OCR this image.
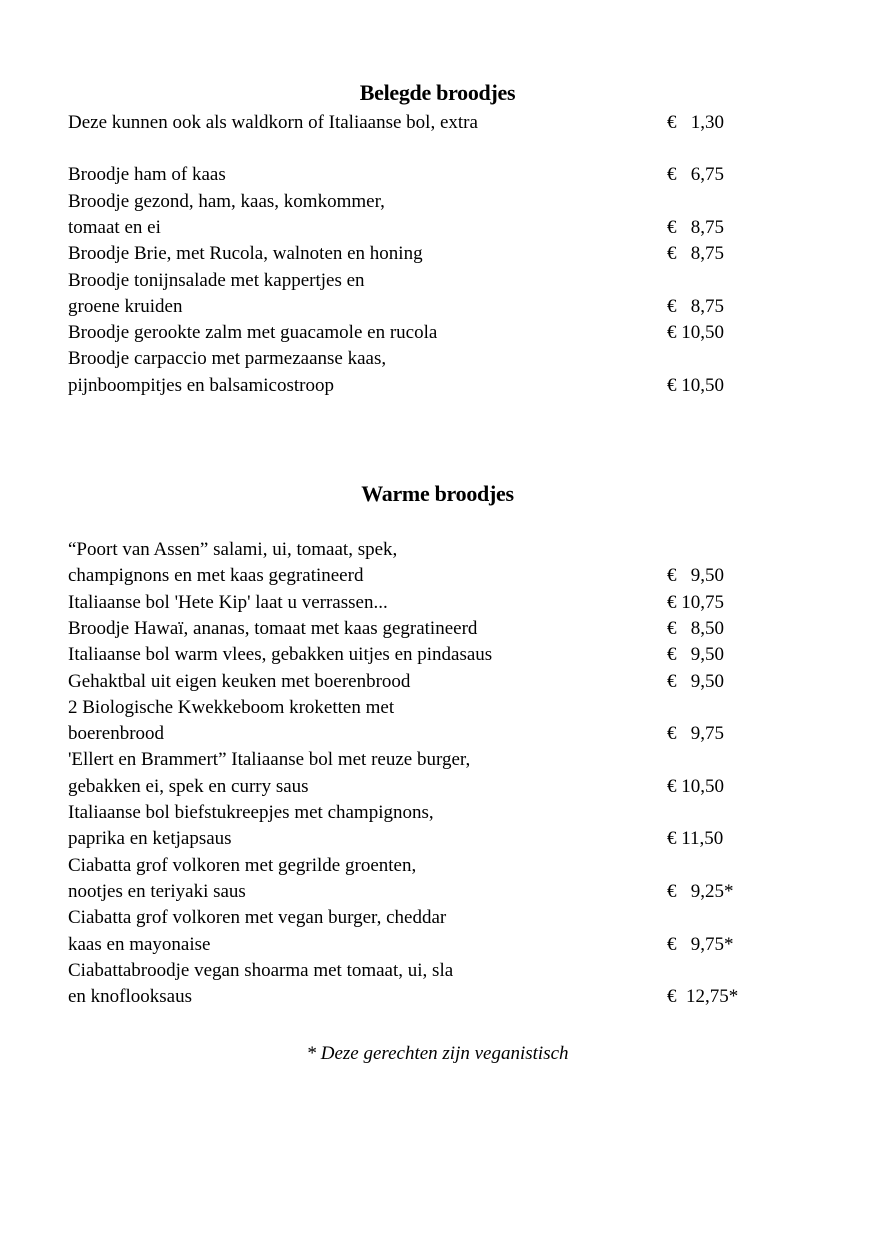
Belegde broodjes
Deze kunnen ook als waldkorn of Italiaanse bol, extra	€   1,30
Broodje ham of kaas	€   6,75
Broodje gezond, ham, kaas, komkommer,
tomaat en ei	€   8,75
Broodje Brie, met Rucola, walnoten en honing	€   8,75
Broodje tonijnsalade met kappertjes en
groene kruiden	€   8,75
Broodje gerookte zalm met guacamole en rucola	€ 10,50
Broodje carpaccio met parmezaanse kaas,
pijnboompitjes en balsamicostroop	€ 10,50
Warme broodjes
“Poort van Assen” salami, ui, tomaat, spek,
champignons en met kaas gegratineerd	€   9,50
Italiaanse bol 'Hete Kip' laat u verrassen...	€ 10,75
Broodje Hawaï, ananas, tomaat met kaas gegratineerd	€   8,50
Italiaanse bol warm vlees, gebakken uitjes en pindasaus	€   9,50
Gehaktbal uit eigen keuken met boerenbrood	€   9,50
2 Biologische Kwekkeboom kroketten met
boerenbrood	€   9,75
'Ellert en Brammert” Italiaanse bol met reuze burger,
gebakken ei, spek en curry saus	€ 10,50
Italiaanse bol biefstukreepjes met champignons,
paprika en ketjapsaus	€ 11,50
Ciabatta grof volkoren met gegrilde groenten,
nootjes en teriyaki saus	€   9,25*
Ciabatta grof volkoren met vegan burger, cheddar
kaas en mayonaise	€   9,75*
Ciabattabroodje vegan shoarma met tomaat, ui, sla
en knoflooksaus	€  12,75*
* Deze gerechten zijn veganistisch
